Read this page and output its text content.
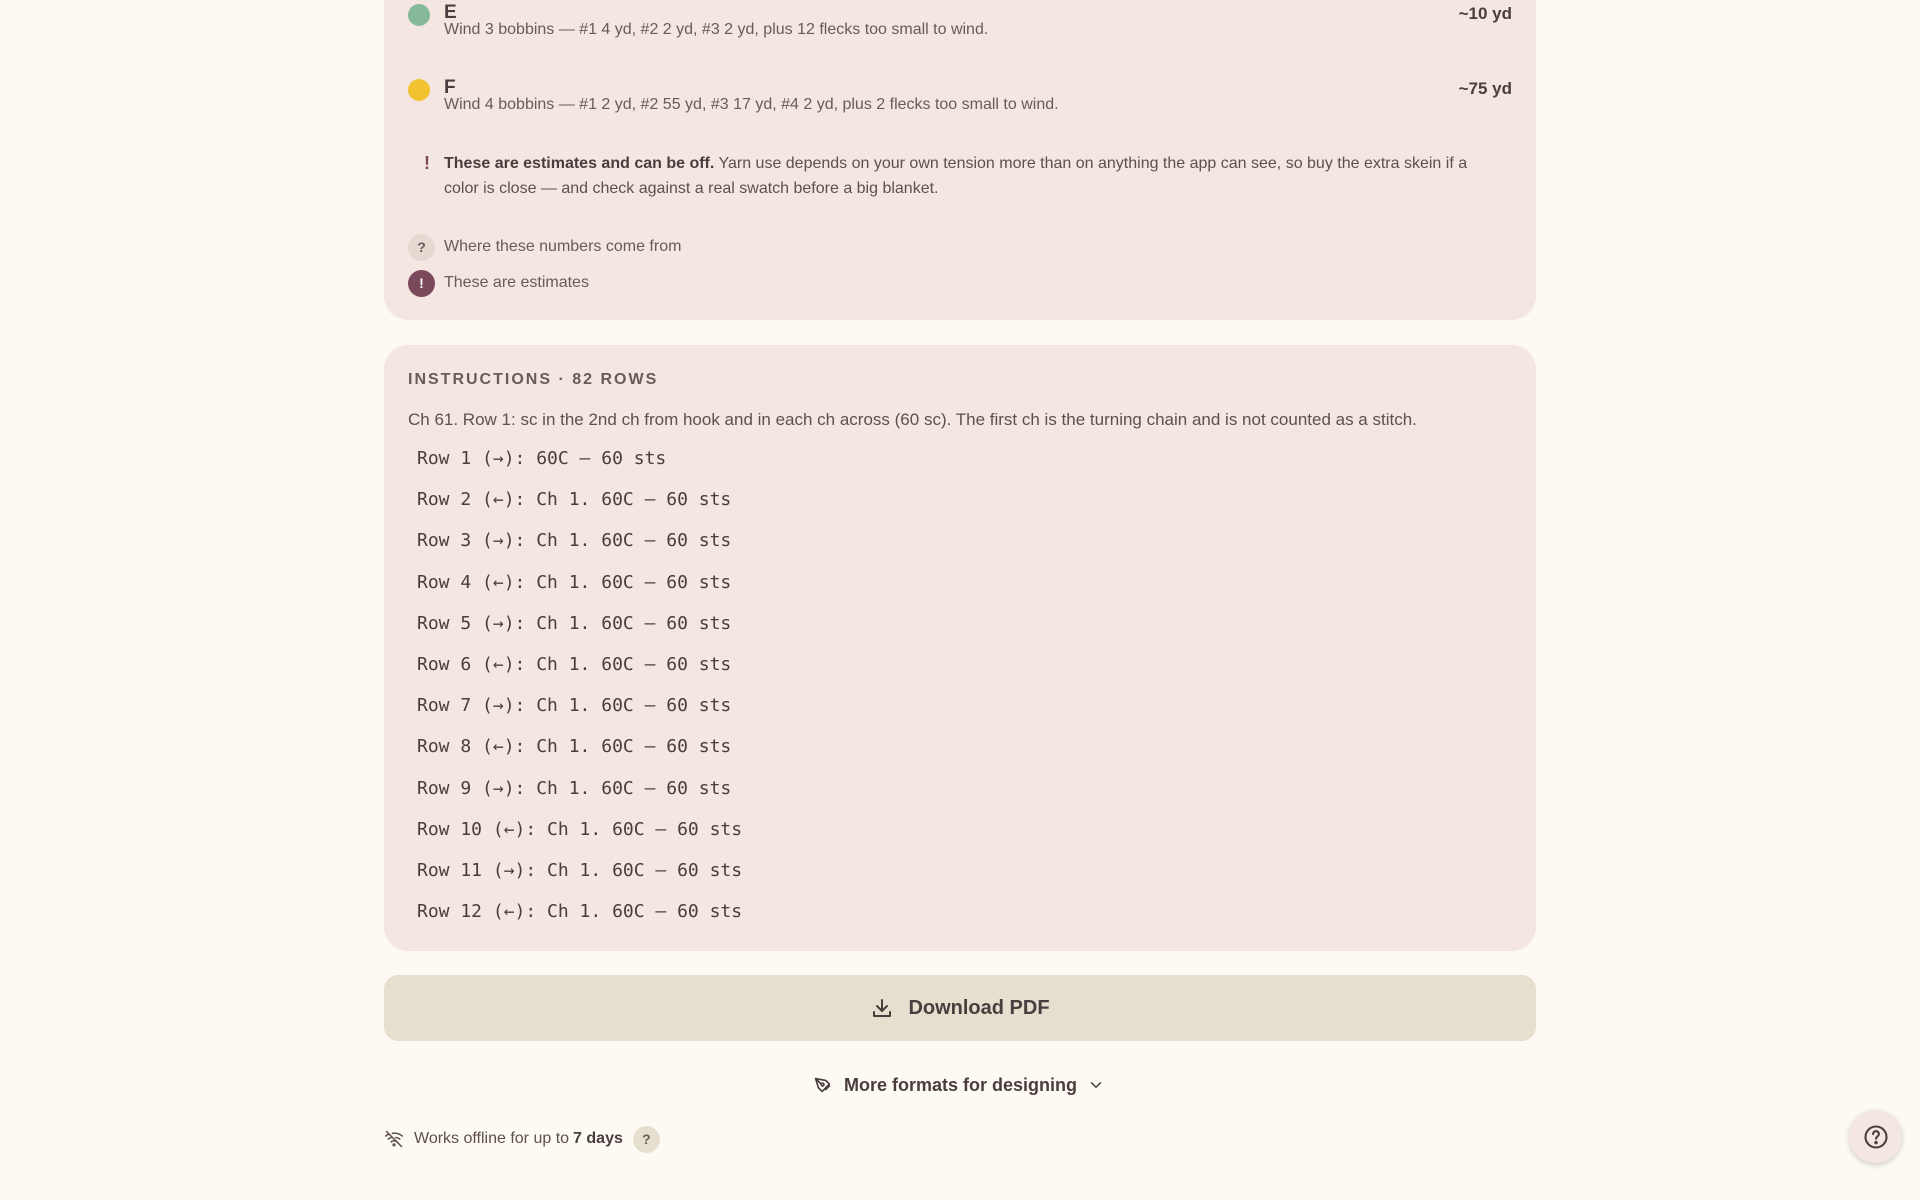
E	~10 yd
Wind 3 bobbins — #1 4 yd, #2 2 yd, #3 2 yd, plus 12 flecks too small to wind.
F	~75 yd
Wind 4 bobbins — #1 2 yd, #2 55 yd, #3 17 yd, #4 2 yd, plus 2 flecks too small to wind.
! These are estimates and can be off. Yarn use depends on your own tension more than on anything the app can see, so buy the extra skein if a color is close — and check against a real swatch before a big blanket.
?	Where these numbers come from
!	These are estimates
INSTRUCTIONS · 82 ROWS
Ch 61. Row 1: sc in the 2nd ch from hook and in each ch across (60 sc). The first ch is the turning chain and is not counted as a stitch.
Row 1 (→): 60C — 60 sts
Row 2 (←): Ch 1. 60C — 60 sts
Row 3 (→): Ch 1. 60C — 60 sts
Row 4 (←): Ch 1. 60C — 60 sts
Row 5 (→): Ch 1. 60C — 60 sts
Row 6 (←): Ch 1. 60C — 60 sts
Row 7 (→): Ch 1. 60C — 60 sts
Row 8 (←): Ch 1. 60C — 60 sts
Row 9 (→): Ch 1. 60C — 60 sts
Row 10 (←): Ch 1. 60C — 60 sts
Row 11 (→): Ch 1. 60C — 60 sts
Row 12 (←): Ch 1. 60C — 60 sts
Download PDF
More formats for designing
Works offline for up to 7 days	?
